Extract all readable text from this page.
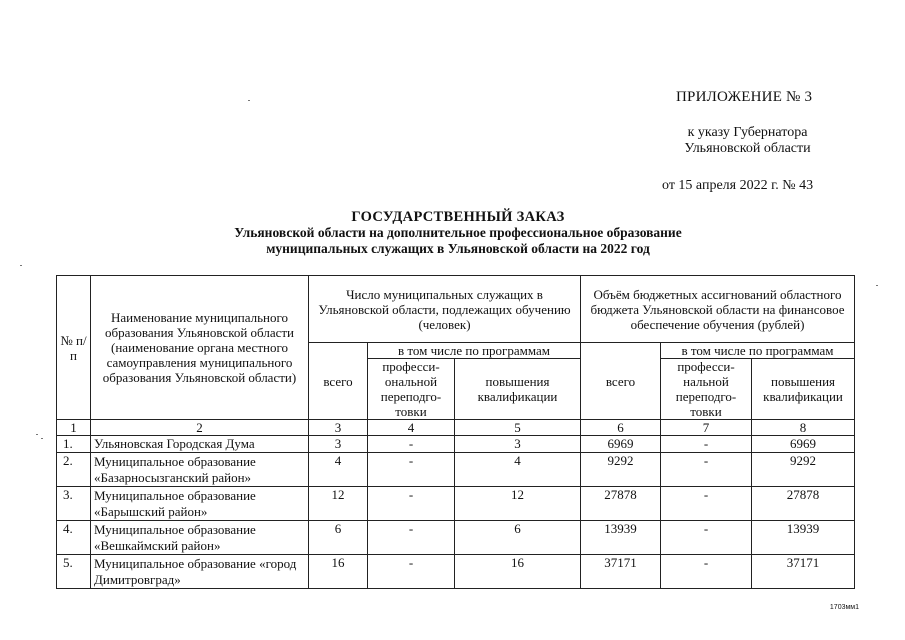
ПРИЛОЖЕНИЕ № 3
к указу Губернатора
Ульяновской области
от 15 апреля 2022 г. № 43
ГОСУДАРСТВЕННЫЙ ЗАКАЗ
Ульяновской области на дополнительное профессиональное образование
муниципальных служащих в Ульяновской области на 2022 год
№ п/п	Наименование муниципального образования Ульяновской области (наименование органа местного самоуправления муниципального образования Ульяновской области)	Число муниципальных служащих в Ульяновской области, подлежащих обучению (человек)			Объём бюджетных ассигнований областного бюджета Ульяновской области на финансовое обеспечение обучения (рублей)		
		всего	в том числе по программам		всего	в том числе по программам	
			професси-ональной переподго-товки	повышения квалификации		професси-нальной переподго-товки	повышения квалификации
1	2	3	4	5	6	7	8
1.	Ульяновская Городская Дума	3	-	3	6969	-	6969
2.	Муниципальное образование «Базарносызганский район»	4	-	4	9292	-	9292
3.	Муниципальное образование «Барышский район»	12	-	12	27878	-	27878
4.	Муниципальное образование «Вешкаймский район»	6	-	6	13939	-	13939
5.	Муниципальное образование «город Димитровград»	16	-	16	37171	-	37171
1703мм1
